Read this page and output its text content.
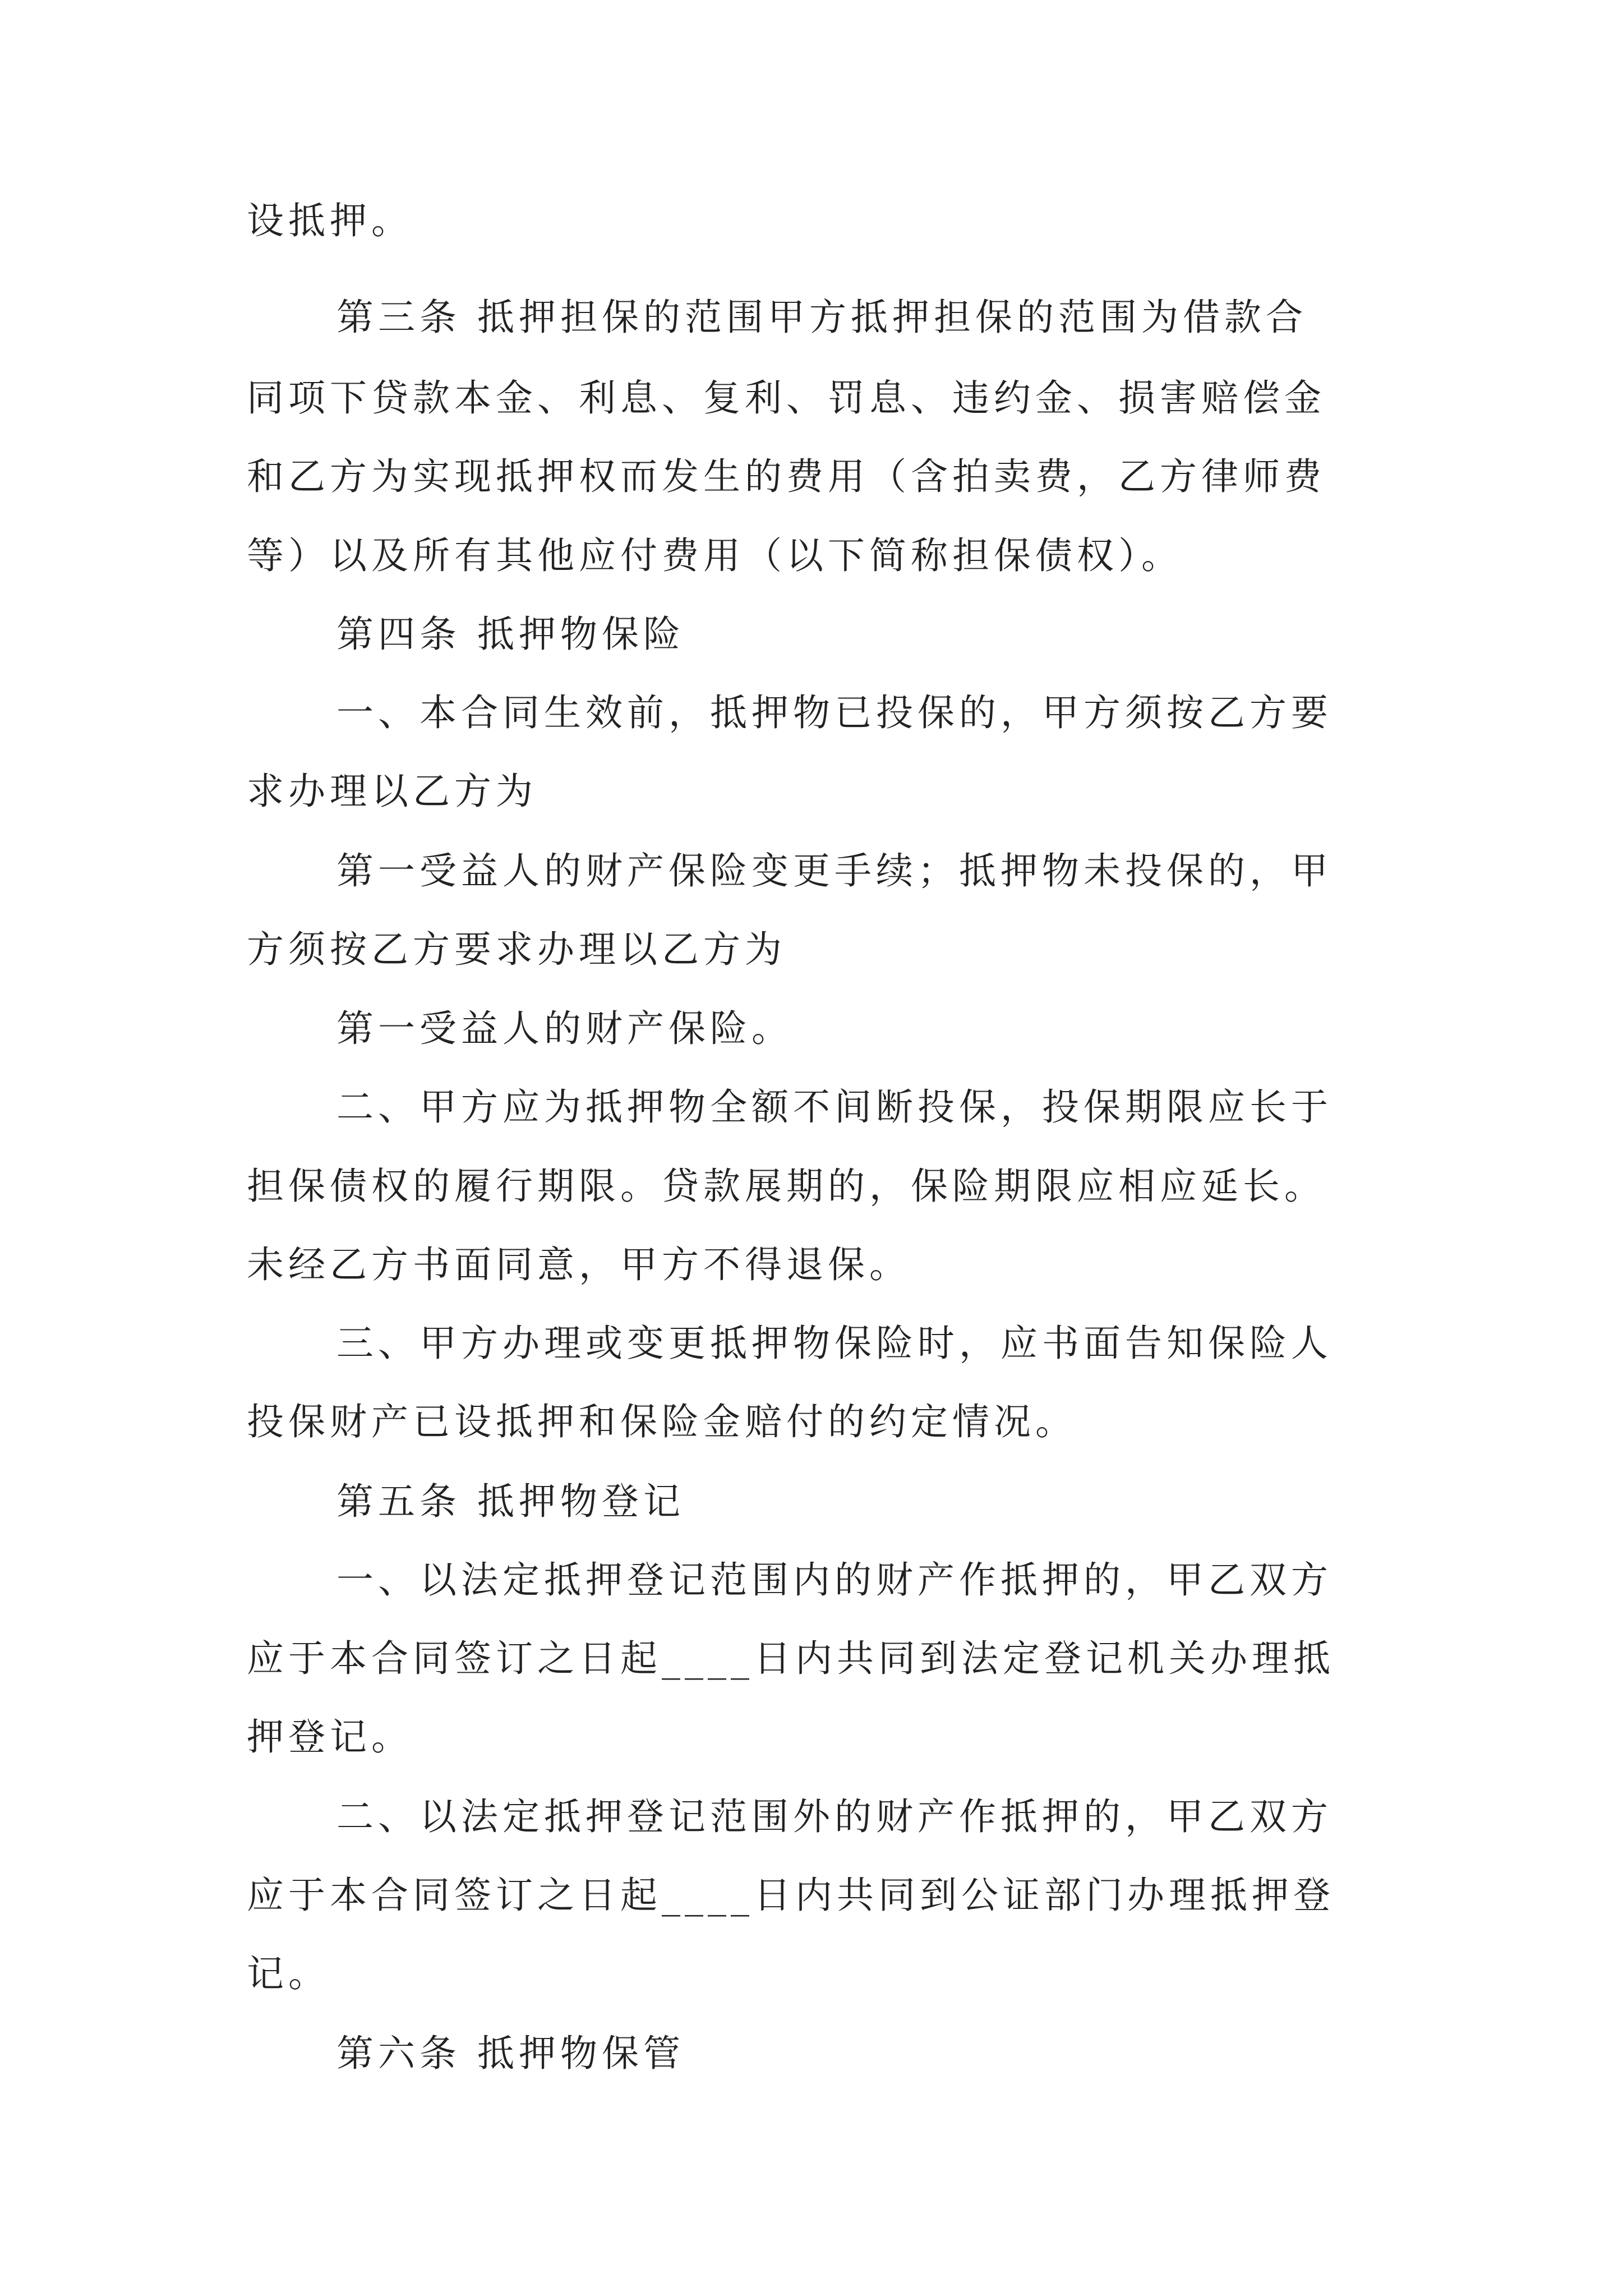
设抵押。
第三条 抵押担保的范围甲方抵押担保的范围为借款合
同项下贷款本金、利息、复利、罚息、违约金、损害赔偿金
和乙方为实现抵押权而发生的费用（含拍卖费，乙方律师费
等）以及所有其他应付费用（以下简称担保债权）。
第四条 抵押物保险
一、本合同生效前，抵押物已投保的，甲方须按乙方要
求办理以乙方为
第一受益人的财产保险变更手续；抵押物未投保的，甲
方须按乙方要求办理以乙方为
第一受益人的财产保险。
二、甲方应为抵押物全额不间断投保，投保期限应长于
担保债权的履行期限。贷款展期的，保险期限应相应延长。
未经乙方书面同意，甲方不得退保。
三、甲方办理或变更抵押物保险时，应书面告知保险人
投保财产已设抵押和保险金赔付的约定情况。
第五条 抵押物登记
一、以法定抵押登记范围内的财产作抵押的，甲乙双方
应于本合同签订之日起____日内共同到法定登记机关办理抵
押登记。
二、以法定抵押登记范围外的财产作抵押的，甲乙双方
应于本合同签订之日起____日内共同到公证部门办理抵押登
记。
第六条 抵押物保管
